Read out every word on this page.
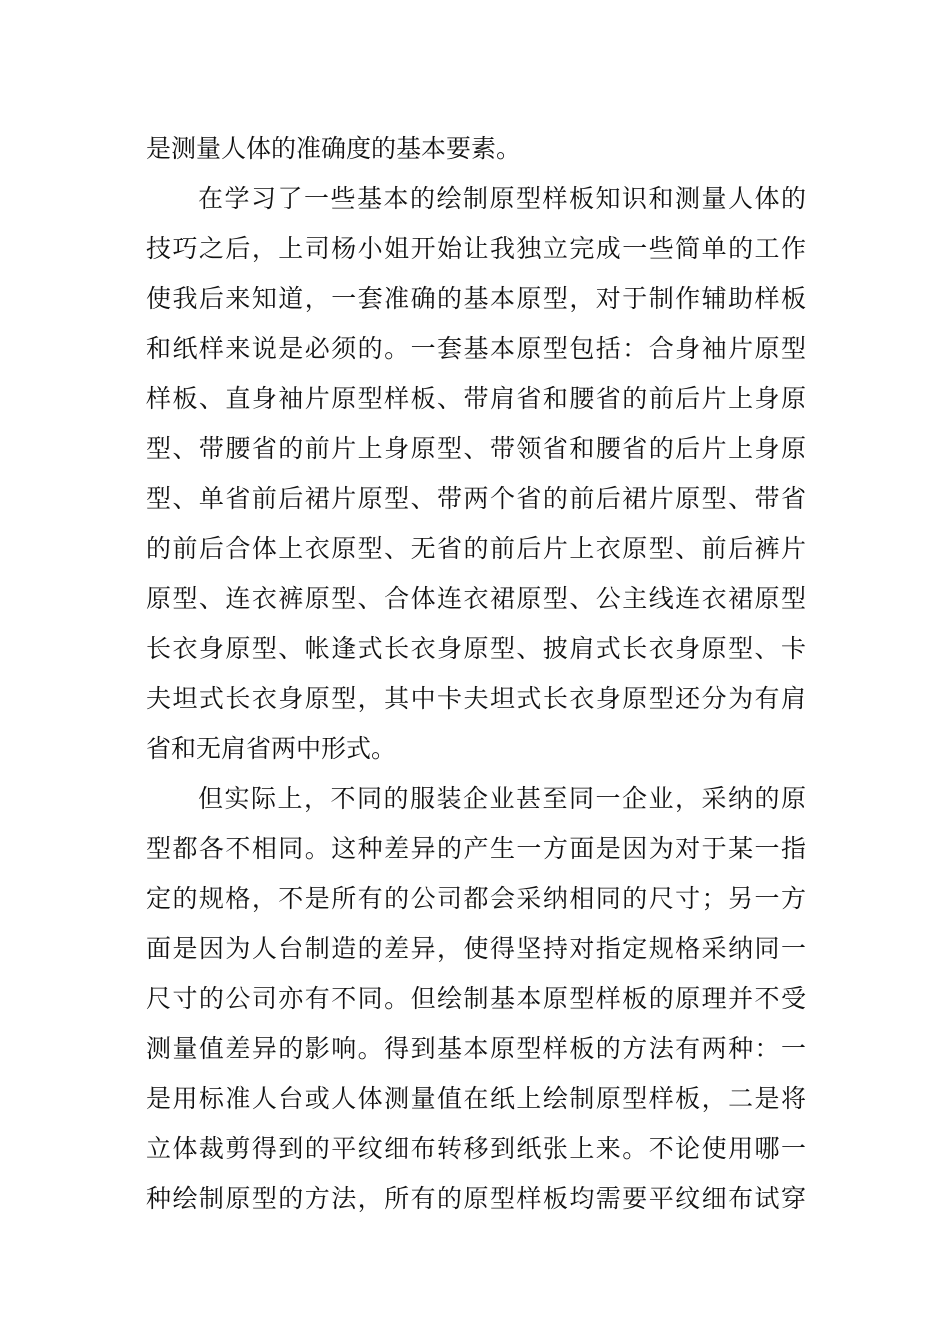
是测量人体的准确度的基本要素。
在学习了一些基本的绘制原型样板知识和测量人体的
技巧之后，上司杨小姐开始让我独立完成一些简单的工作
使我后来知道，一套准确的基本原型，对于制作辅助样板
和纸样来说是必须的。一套基本原型包括：合身袖片原型
样板、直身袖片原型样板、带肩省和腰省的前后片上身原
型、带腰省的前片上身原型、带领省和腰省的后片上身原
型、单省前后裙片原型、带两个省的前后裙片原型、带省
的前后合体上衣原型、无省的前后片上衣原型、前后裤片
原型、连衣裤原型、合体连衣裙原型、公主线连衣裙原型
长衣身原型、帐逢式长衣身原型、披肩式长衣身原型、卡
夫坦式长衣身原型，其中卡夫坦式长衣身原型还分为有肩
省和无肩省两中形式。
但实际上，不同的服装企业甚至同一企业，采纳的原
型都各不相同。这种差异的产生一方面是因为对于某一指
定的规格，不是所有的公司都会采纳相同的尺寸；另一方
面是因为人台制造的差异，使得坚持对指定规格采纳同一
尺寸的公司亦有不同。但绘制基本原型样板的原理并不受
测量值差异的影响。得到基本原型样板的方法有两种：一
是用标准人台或人体测量值在纸上绘制原型样板，二是将
立体裁剪得到的平纹细布转移到纸张上来。不论使用哪一
种绘制原型的方法，所有的原型样板均需要平纹细布试穿
